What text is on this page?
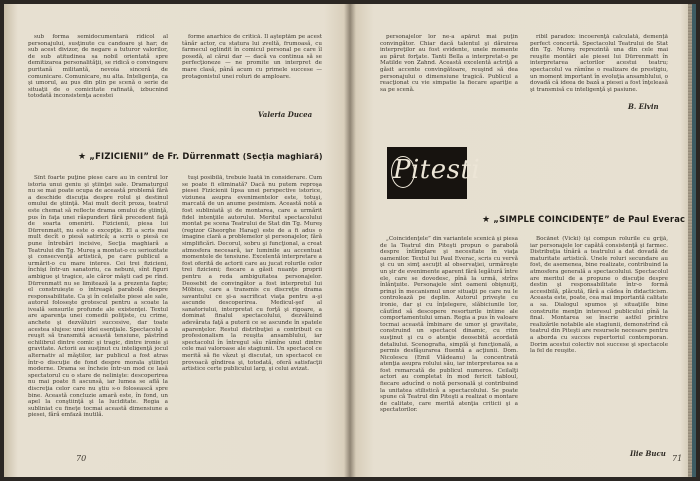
sub forma semidocumentarã ridicol al personajului, susţinute cu candoare şi har; de sub acest divizor, de negare a tuturor valorilor, de sub atitudinea sa nobil orientată spre demitizarea personalităţii, se ridică o convingere puritanã militantă, nevoia sinceră de comunicare. Comunicare, nu alta. Inteligenţa, ca şi umorul, au pus din plin pe scenă o serie de situaţii de o comicitate rafinată, izbucnind totodată inconsistenţa acestei

forme anarhice de critică. Îl aşteptăm pe acest tânăr actor, cu statura lui zveltă, frumoasă, cu farmecul oglindit în comicul personal pe care îl posedă, al cărui dar — dacă va continua să se perfecţioneze — ne promite un interpret de mare clasă, până acum cu primele succese — protagonistul unei roluri de amploare.

Valeria Ducea
★ „FIZICIENII” de Fr. Dürrenmatt (Secţia maghiară)

Sînt foarte puţine piese care au în centrul lor istoria unui geniu şi ştiinţei sale. Dramaturgul nu se mai poate ocupa de această problemă fără a deschide discuţia despre rolul şi destinul omului de ştiinţă. Mai mult decît proza, teatrul este chemat să reflecte drama omului de ştiinţă, pus în faţa unei răspunderi fără precedent faţă de soarta omenirii. Fizicienii, piesa lui Dürrenmatt, nu este o excepţie. El a scris mai mult decît o piesă satirică; a scris o piesă ce pune întrebări incisive, Secţia maghiară a Teatrului din Tg. Mureş a montat-o cu seriozitate şi consecvenţă artistică, pe care publicul a urmărit-o cu mare interes. Cei trei fizicieni, închişi într-un sanatoriu, ca nebuni, sînt figuri ambigue şi tragice, ale căror măşti cad pe rînd. Dürrenmatt nu se limitează la a prezenta fapte; el construieşte o întreagă parabolă despre responsabilitate. Ca şi în celelalte piese ale sale, autorul foloseşte grotescul pentru a scoate la iveală sensurile profunde ale existenţei. Textul are aparenţa unei comedii poliţiste, cu crime, anchete şi dezvăluiri succesive, dar toate acestea slujesc unei idei esenţiale. Spectacolul a reuşit să transmită această tensiune, păstrînd echilibrul dintre comic şi tragic, dintre ironie şi gravitate. Actorii au susţinut cu inteligenţă jocul alternativ al măştilor, iar publicul a fost atras într-o discuţie de fond despre morala ştiinţei moderne. Drama se încheie într-un mod ce lasă spectatorul cu o stare de nelinişte: descoperirea nu mai poate fi ascunsă, iar lumea se află la discreţia celor care nu ştiu s-o folosească spre bine. Această concluzie amară este, în fond, un apel la conştiinţă şi la luciditate. Regia a subliniat cu fineţe tocmai această dimensiune a piesei, fără emfază inutilă.

tuşi posibilă, trebuie luată în considerare. Cum se poate fi eliminată? Dacă nu putem reproşa piesei Fizicienii lipsa unei perspective istorice, viziunea asupra evenimentelor este, totuşi, marcată de un anume pesimism. Această notă a fost subliniată şi de montarea, care a urmărit fidel intenţiile autorului. Meritul spectacolului montat pe scena Teatrului de Stat din Tg. Mureş (regizor Gheorghe Harag) este de a fi adus o imagine clară a problemelor şi personajelor, fără simplificări. Decorul, sobru şi funcţional, a creat atmosfera necesară, iar luminile au accentuat momentele de tensiune. Excelentă interpretare a fost oferită de actorii care au jucat rolurile celor trei fizicieni; fiecare a găsit nuanţe proprii pentru a reda ambiguitatea personajelor. Deosebit de convingător a fost interpretul lui Möbius, care a transmis cu discreţie drama savantului ce şi-a sacrificat viaţa pentru a-şi ascunde descoperirea. Medicul-şef al sanatoriului, interpretat cu forţă şi rigoare, a dominat finalul spectacolului, dezvăluind adevărata faţă a puterii ce se ascunde în spatele aparenţelor. Restul distribuţiei a contribuit cu profesionalism la reuşita ansamblului, iar spectacolul în întregul său rămîne unul dintre cele mai valoroase ale stagiunii. Un spectacol ce merită să fie văzut şi discutat, un spectacol ce provoacă gîndirea şi, totodată, oferă satisfacţii artistice certe publicului larg, şi celui avizat.

70

personajelor lor ne-a apărut mai puţin convingător. Chiar dacă talentul şi dăruirea interpreţilor au fost evidente, unele momente au părut forţate. Tanti Bella a interpretat-o pe Matilde von Zahnd. Această excelentă actriţă a găsit accente convingătoare, reuşind să dea personajului o dimensiune tragică. Publicul a reacţionat cu vie simpatie la fiecare apariţie a sa pe scenă.

ribil paradox: incoerenţă calculată, demență perfect concertă. Spectacolul Teatrului de Stat din Tg. Mureş reprezintă una din cele mai reuşite montări ale piesei lui Dürrenmatt în interpretarea actorilor acestui teatru; spectacolul va rămîne o realizare de prestigiu, un moment important în evoluţia ansamblului, o dovadă că ideea de bază a piesei a fost înţeleasă şi transmisă cu inteligenţă şi pasiune.

B. Elvin
Pitesti
★ „SIMPLE COINCIDENŢE” de Paul Everac

„Coincidenţele” din variantele scenică şi piesa de la Teatrul din Piteşti propun o parabolă despre întîmplare şi necesitate în viaţa oamenilor. Textul lui Paul Everac, scris cu vervă şi cu un simţ ascuţit al observaţiei, urmăreşte un şir de evenimente aparent fără legătură între ele, care se dovedesc, pînă la urmă, strîns înlănţuite. Personajele sînt oameni obişnuiţi, prinşi în mecanismul unor situaţii pe care nu le controlează pe deplin. Autorul priveşte cu ironie, dar şi cu înţelegere, slăbiciunile lor, căutînd să descopere resorturile intime ale comportamentului uman. Regia a pus în valoare tocmai această îmbinare de umor şi gravitate, construind un spectacol dinamic, cu ritm susţinut şi cu o atenţie deosebită acordată detaliului. Scenografia, simplă şi funcţională, a permis desfăşurarea fluentă a acţiunii. Dom. Nicolescu (Emil Vlădeanu) la concentrată atenţia asupra rolului său, iar interpretarea sa a fost remarcată de publicul numeros. Ceilalţi actori au completat în mod fericit tabloul, fiecare aducînd o notă personală şi contribuind la unitatea stilistică a spectacolului. Se poate spune că Teatrul din Piteşti a realizat o montare de calitate, care merită atenţia criticii şi a spectatorilor.

Bocănet (Vicki) îşi compun rolurile cu grijă, iar personajele lor capătă consistenţă şi farmec. Distribuţia tînără a teatrului a dat dovadă de maturitate artistică. Unele roluri secundare au fost, de asemenea, bine realizate, contribuind la atmosfera generală a spectacolului. Spectacolul are meritul de a propune o discuţie despre destin şi responsabilitate într-o formă accesibilă, plăcută, fără a cădea în didacticism. Aceasta este, poate, cea mai importantă calitate a sa. Dialogul spumos şi situaţiile bine construite menţin interesul publicului pînă la final. Montarea se înscrie astfel printre realizările notabile ale stagiunii, demonstrînd că teatrul din Piteşti are resursele necesare pentru a aborda cu succes repertoriul contemporan. Dorim acestui colectiv noi succese şi spectacole la fel de reuşite.

Ilie Bucu
71
